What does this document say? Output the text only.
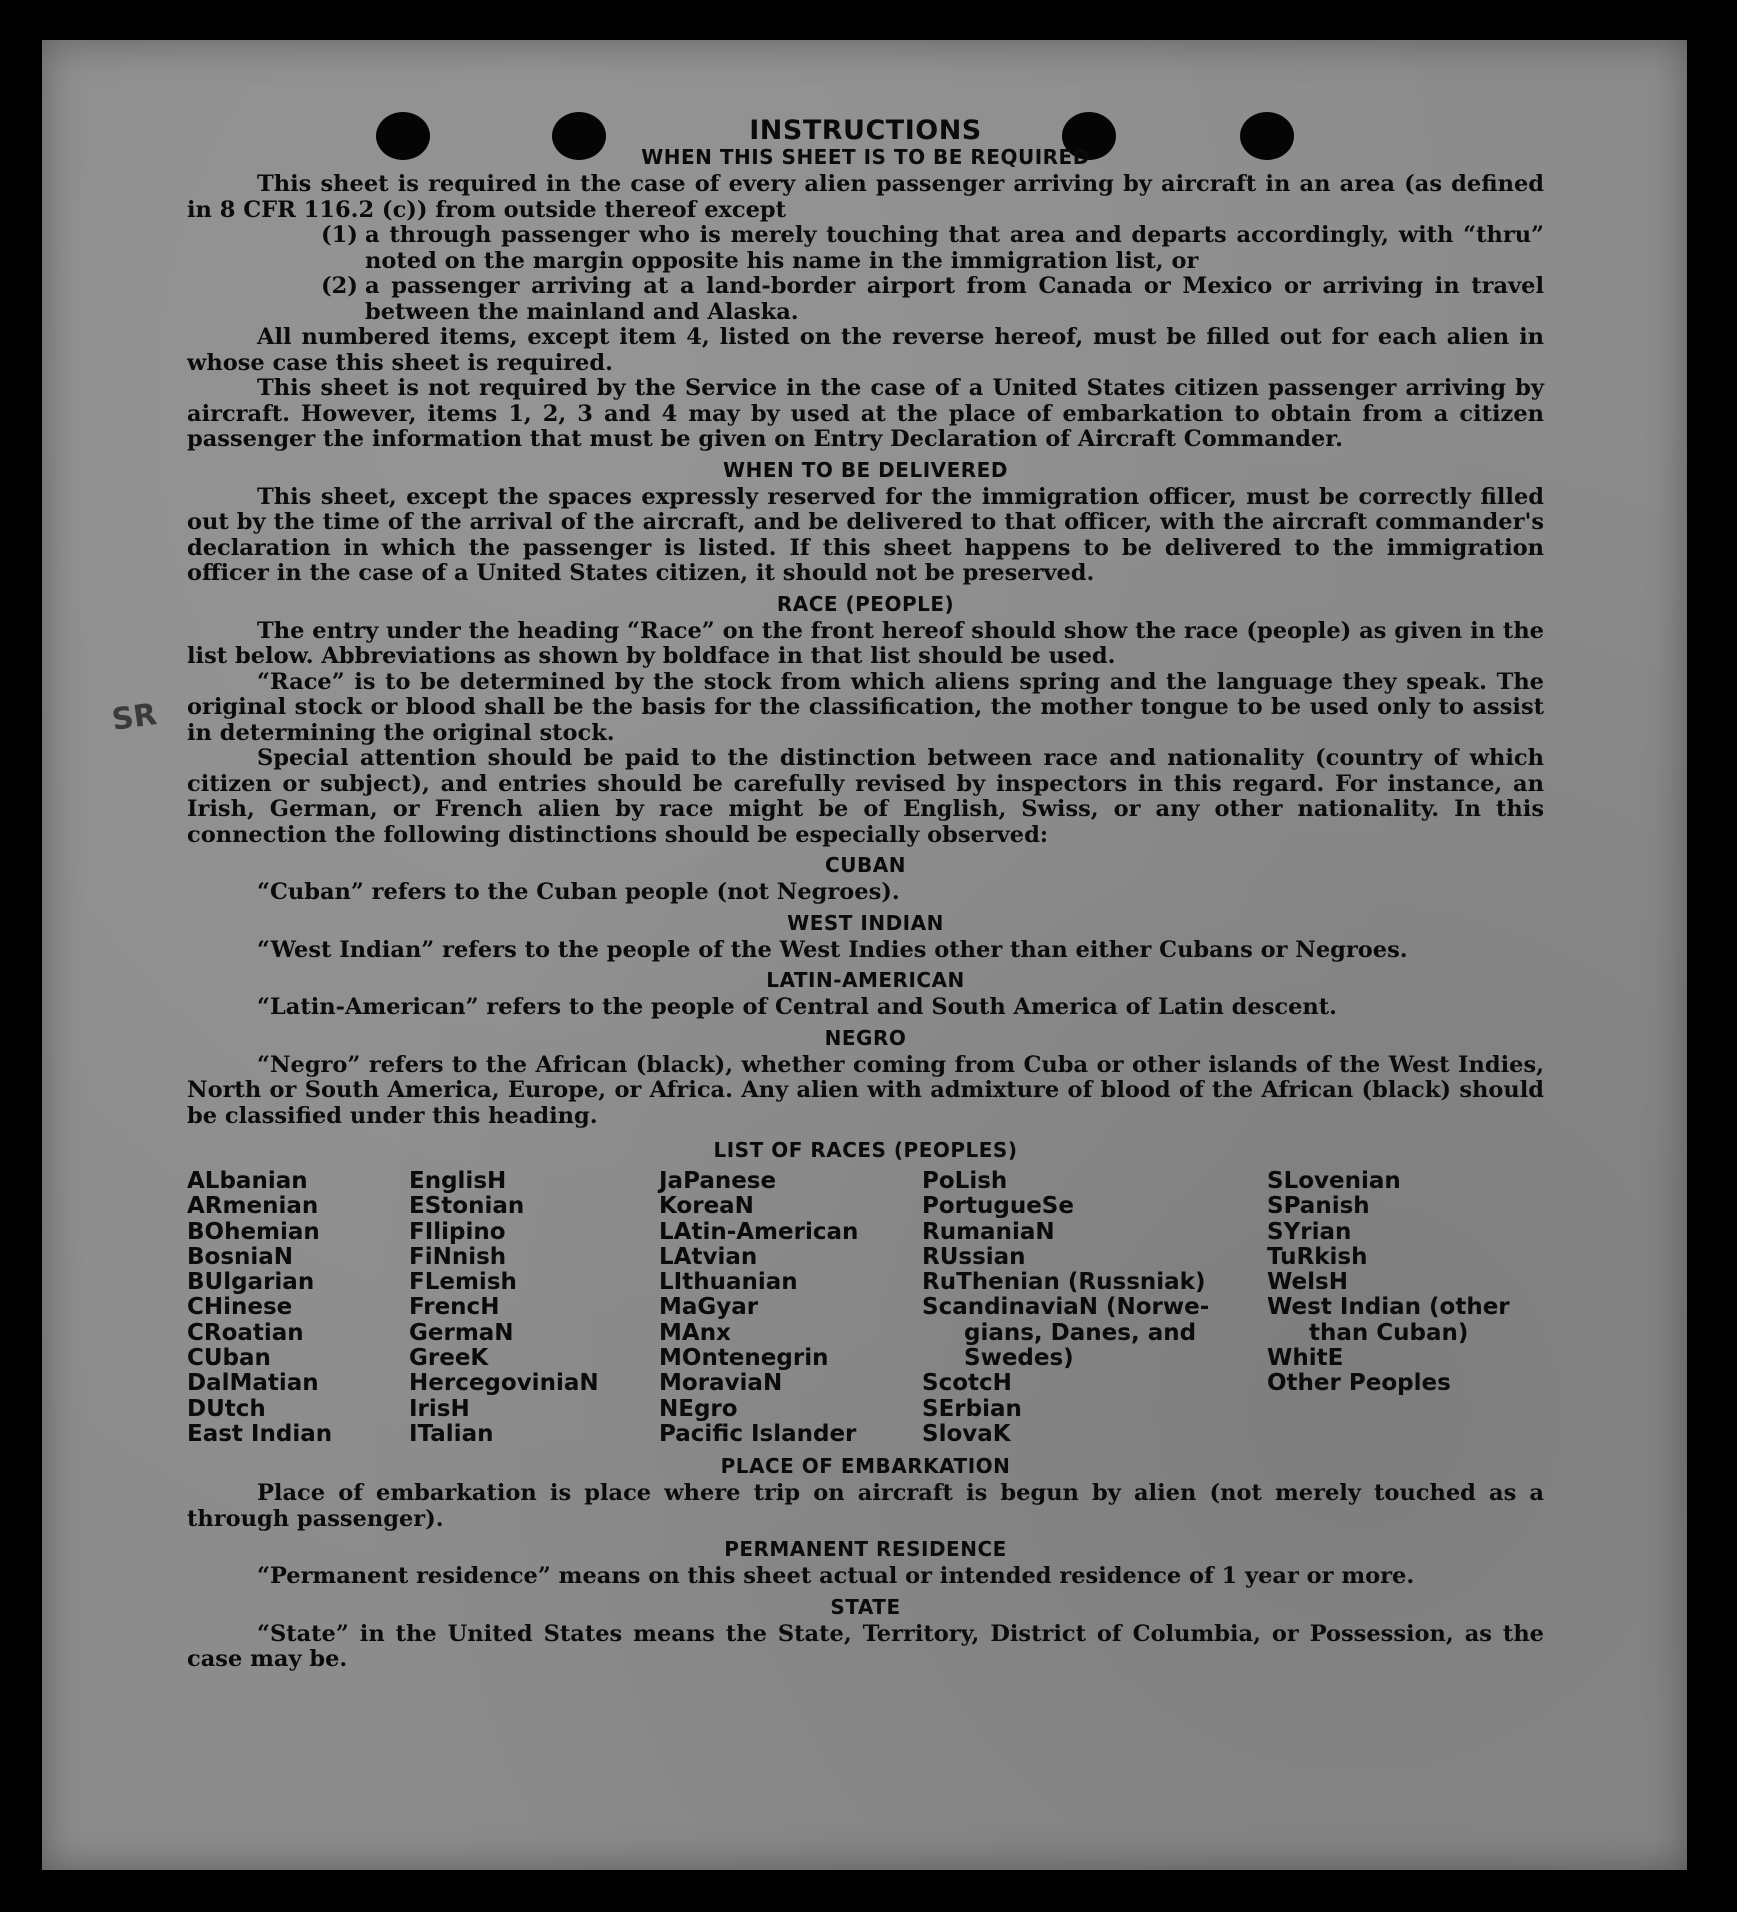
SR
INSTRUCTIONS
WHEN THIS SHEET IS TO BE REQUIRED

This sheet is required in the case of every alien passenger arriving by aircraft in an area (as defined in 8 CFR 116.2 (c)) from outside thereof except

(1) a through passenger who is merely touching that area and departs accordingly, with “thru” noted on the margin opposite his name in the immigration list, or
(2) a passenger arriving at a land-border airport from Canada or Mexico or arriving in travel between the mainland and Alaska.

All numbered items, except item 4, listed on the reverse hereof, must be filled out for each alien in whose case this sheet is required.

This sheet is not required by the Service in the case of a United States citizen passenger arriving by aircraft. However, items 1, 2, 3 and 4 may by used at the place of embarkation to obtain from a citizen passenger the information that must be given on Entry Declaration of Aircraft Commander.

WHEN TO BE DELIVERED

This sheet, except the spaces expressly reserved for the immigration officer, must be correctly filled out by the time of the arrival of the aircraft, and be delivered to that officer, with the aircraft commander's declaration in which the passenger is listed. If this sheet happens to be delivered to the immigration officer in the case of a United States citizen, it should not be preserved.

RACE (PEOPLE)

The entry under the heading “Race” on the front hereof should show the race (people) as given in the list below. Abbreviations as shown by boldface in that list should be used.

“Race” is to be determined by the stock from which aliens spring and the language they speak. The original stock or blood shall be the basis for the classification, the mother tongue to be used only to assist in determining the original stock.

Special attention should be paid to the distinction between race and nationality (country of which citizen or subject), and entries should be carefully revised by inspectors in this regard. For instance, an Irish, German, or French alien by race might be of English, Swiss, or any other nationality. In this connection the following distinctions should be especially observed:

CUBAN

“Cuban” refers to the Cuban people (not Negroes).

WEST INDIAN

“West Indian” refers to the people of the West Indies other than either Cubans or Negroes.

LATIN-AMERICAN

“Latin-American” refers to the people of Central and South America of Latin descent.

NEGRO

“Negro” refers to the African (black), whether coming from Cuba or other islands of the West Indies, North or South America, Europe, or Africa. Any alien with admixture of blood of the African (black) should be classified under this heading.

LIST OF RACES (PEOPLES)
ALbanian
ARmenian
BOhemian
BosniaN
BUlgarian
CHinese
CRoatian
CUban
DalMatian
DUtch
East Indian
EnglisH
EStonian
FIlipino
FiNnish
FLemish
FrencH
GermaN
GreeK
HercegoviniaN
IrisH
ITalian
JaPanese
KoreaN
LAtin-American
LAtvian
LIthuanian
MaGyar
MAnx
MOntenegrin
MoraviaN
NEgro
Pacific Islander
PoLish
PortugueSe
RumaniaN
RUssian
RuThenian (Russniak)
ScandinaviaN (Norwe-
gians, Danes, and
Swedes)
ScotcH
SErbian
SlovaK
SLovenian
SPanish
SYrian
TuRkish
WelsH
West Indian (other
than Cuban)
WhitE
Other Peoples
PLACE OF EMBARKATION

Place of embarkation is place where trip on aircraft is begun by alien (not merely touched as a through passenger).

PERMANENT RESIDENCE

“Permanent residence” means on this sheet actual or intended residence of 1 year or more.

STATE

“State” in the United States means the State, Territory, District of Columbia, or Possession, as the case may be.
